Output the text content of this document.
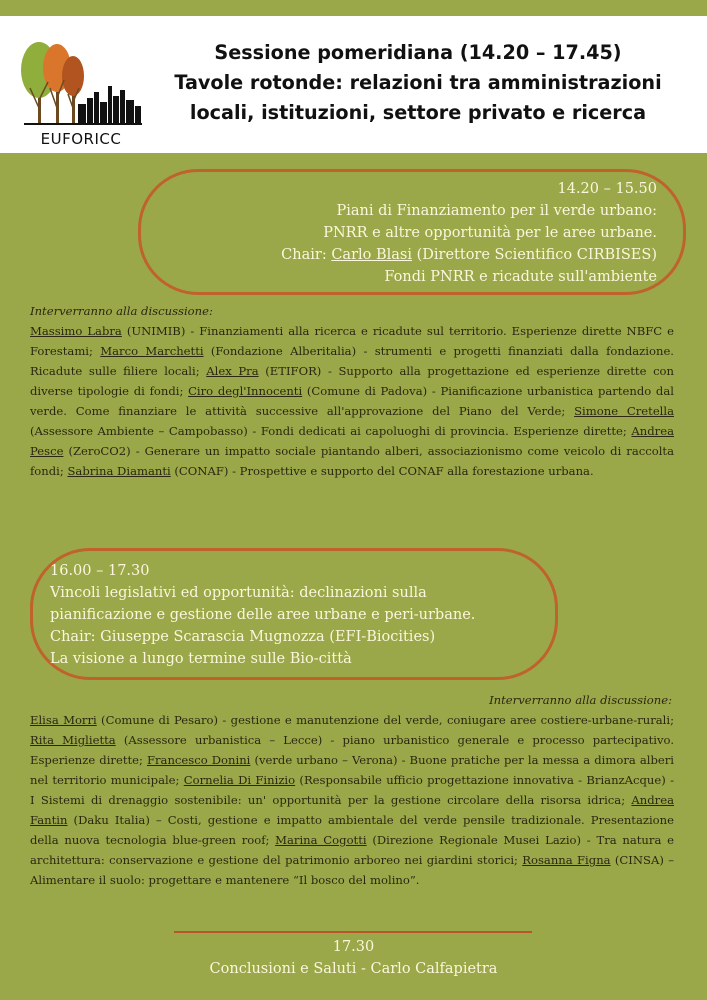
EUFORICC
Sessione pomeridiana (14.20 – 17.45)
Tavole rotonde: relazioni tra amministrazioni
locali, istituzioni, settore privato e ricerca
14.20 – 15.50
Piani di Finanziamento per il verde urbano:
PNRR e altre opportunità per le aree urbane.
Chair: Carlo Blasi (Direttore Scientifico CIRBISES)
Fondi PNRR e ricadute sull'ambiente
Interverranno alla discussione:
Massimo Labra (UNIMIB) - Finanziamenti alla ricerca e ricadute sul territorio. Esperienze dirette NBFC e Forestami; Marco Marchetti (Fondazione Alberitalia) - strumenti e progetti finanziati dalla fondazione. Ricadute sulle filiere locali; Alex Pra (ETIFOR) - Supporto alla progettazione ed esperienze dirette con diverse tipologie di fondi; Ciro degl'Innocenti (Comune di Padova) - Pianificazione urbanistica partendo dal verde. Come finanziare le attività successive all'approvazione del Piano del Verde; Simone Cretella (Assessore Ambiente – Campobasso) - Fondi dedicati ai capoluoghi di provincia. Esperienze dirette; Andrea Pesce (ZeroCO2) - Generare un impatto sociale piantando alberi, associazionismo come veicolo di raccolta fondi; Sabrina Diamanti (CONAF) - Prospettive e supporto del CONAF alla forestazione urbana.
16.00 – 17.30
Vincoli legislativi ed opportunità: declinazioni sulla
pianificazione e gestione delle aree urbane e peri-urbane.
Chair: Giuseppe Scarascia Mugnozza (EFI-Biocities)
La visione a lungo termine sulle Bio-città
Interverranno alla discussione:
Elisa Morri (Comune di Pesaro) - gestione e manutenzione del verde, coniugare aree costiere-urbane-rurali; Rita Miglietta (Assessore urbanistica – Lecce) - piano urbanistico generale e processo partecipativo. Esperienze dirette; Francesco Donini (verde urbano – Verona) - Buone pratiche per la messa a dimora alberi nel territorio municipale; Cornelia Di Finizio (Responsabile ufficio progettazione innovativa - BrianzAcque) - I Sistemi di drenaggio sostenibile: un' opportunità per la gestione circolare della risorsa idrica; Andrea Fantin (Daku Italia) – Costi, gestione e impatto ambientale del verde pensile tradizionale. Presentazione della nuova tecnologia blue-green roof; Marina Cogotti (Direzione Regionale Musei Lazio) - Tra natura e architettura: conservazione e gestione del patrimonio arboreo nei giardini storici; Rosanna Figna (CINSA) – Alimentare il suolo: progettare e mantenere “Il bosco del molino”.
17.30
Conclusioni e Saluti - Carlo Calfapietra
